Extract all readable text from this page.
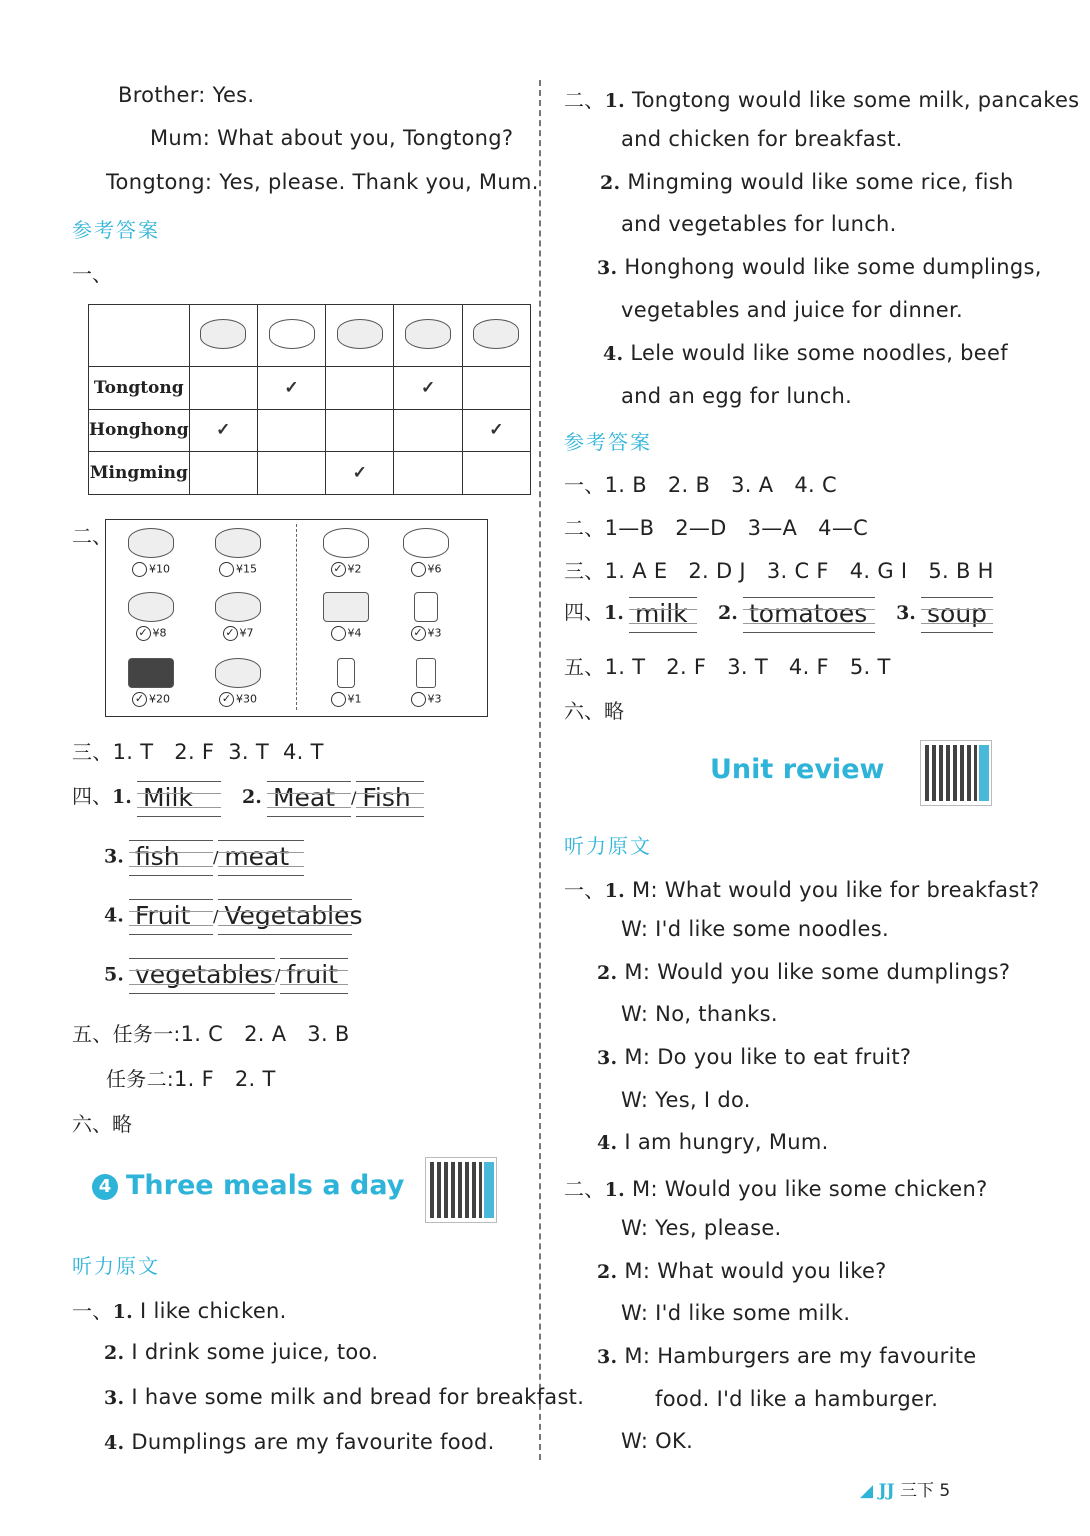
Brother: Yes.
Mum: What about you, Tongtong?
Tongtong: Yes, please. Thank you, Mum.
参考答案
一、

Tongtong		✓		✓	
Honghong	✓				✓
Mingming			✓		
二、
¥10	¥15	✓ ¥2	¥6
✓ ¥8	✓ ¥7	¥4	✓ ¥3
✓ ¥20	✓ ¥30	¥1	¥3
三、1. T 2. F 3. T 4. T
四、1. Milk	2. Meat / Fish
3. fish / meat
4. Fruit / Vegetables
5. vegetables / fruit
五、任务一:1. C 2. A 3. B
任务二:1. F 2. T
六、略
4 Three meals a day
听力原文
一、1. I like chicken.
2. I drink some juice, too.
3. I have some milk and bread for breakfast.
4. Dumplings are my favourite food.
二、1. Tongtong would like some milk, pancakes
and chicken for breakfast.
2. Mingming would like some rice, fish
and vegetables for lunch.
3. Honghong would like some dumplings,
vegetables and juice for dinner.
4. Lele would like some noodles, beef
and an egg for lunch.
参考答案
一、1. B 2. B 3. A 4. C
二、1—B 2—D 3—A 4—C
三、1. A E 2. D J 3. C F 4. G I 5. B H
四、1. milk 2. tomatoes 3. soup
五、1. T 2. F 3. T 4. F 5. T
六、略
Unit review
听力原文
一、1. M: What would you like for breakfast?
W: I'd like some noodles.
2. M: Would you like some dumplings?
W: No, thanks.
3. M: Do you like to eat fruit?
W: Yes, I do.
4. I am hungry, Mum.
二、1. M: Would you like some chicken?
W: Yes, please.
2. M: What would you like?
W: I'd like some milk.
3. M: Hamburgers are my favourite
food. I'd like a hamburger.
W: OK.
◢ JJ 三下 5
